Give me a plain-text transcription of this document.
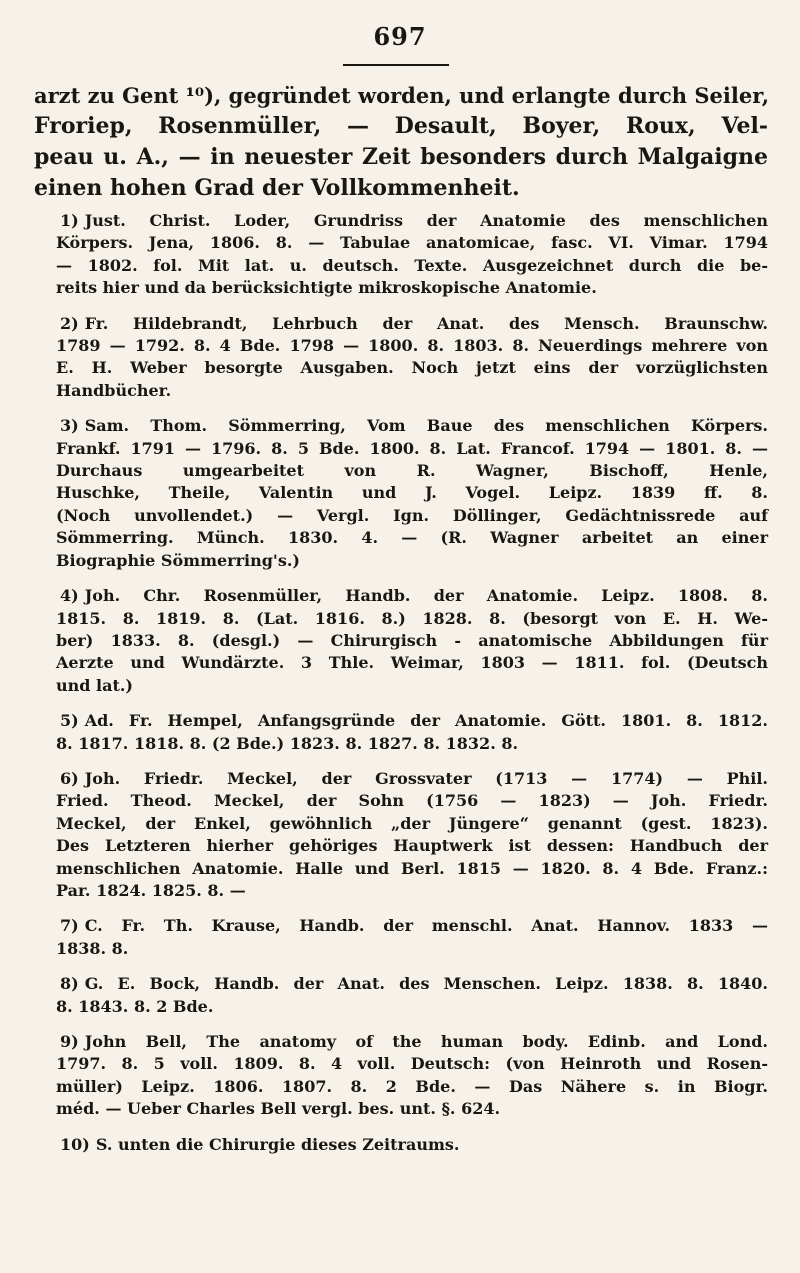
697
arzt zu Gent ¹⁰), gegründet worden, und erlangte durch Seiler,
Froriep, Rosenmüller, — Desault, Boyer, Roux, Vel-
peau u. A., — in neuester Zeit besonders durch Malgaigne
einen hohen Grad der Vollkommenheit.
1) Just. Christ. Loder, Grundriss der Anatomie des menschlichen
Körpers. Jena, 1806. 8. — Tabulae anatomicae, fasc. VI. Vimar. 1794
— 1802. fol. Mit lat. u. deutsch. Texte. Ausgezeichnet durch die be-
reits hier und da berücksichtigte mikroskopische Anatomie.
2) Fr. Hildebrandt, Lehrbuch der Anat. des Mensch. Braunschw.
1789 — 1792. 8. 4 Bde. 1798 — 1800. 8. 1803. 8. Neuerdings mehrere von
E. H. Weber besorgte Ausgaben. Noch jetzt eins der vorzüglichsten
Handbücher.
3) Sam. Thom. Sömmerring, Vom Baue des menschlichen Körpers.
Frankf. 1791 — 1796. 8. 5 Bde. 1800. 8. Lat. Francof. 1794 — 1801. 8. —
Durchaus umgearbeitet von R. Wagner, Bischoff, Henle,
Huschke, Theile, Valentin und J. Vogel. Leipz. 1839 ff. 8.
(Noch unvollendet.) — Vergl. Ign. Döllinger, Gedächtnissrede auf
Sömmerring. Münch. 1830. 4. — (R. Wagner arbeitet an einer
Biographie Sömmerring's.)
4) Joh. Chr. Rosenmüller, Handb. der Anatomie. Leipz. 1808. 8.
1815. 8. 1819. 8. (Lat. 1816. 8.) 1828. 8. (besorgt von E. H. We-
ber) 1833. 8. (desgl.) — Chirurgisch - anatomische Abbildungen für
Aerzte und Wundärzte. 3 Thle. Weimar, 1803 — 1811. fol. (Deutsch
und lat.)
5) Ad. Fr. Hempel, Anfangsgründe der Anatomie. Gött. 1801. 8. 1812.
8. 1817. 1818. 8. (2 Bde.) 1823. 8. 1827. 8. 1832. 8.
6) Joh. Friedr. Meckel, der Grossvater (1713 — 1774) — Phil.
Fried. Theod. Meckel, der Sohn (1756 — 1823) — Joh. Friedr.
Meckel, der Enkel, gewöhnlich „der Jüngere“ genannt (gest. 1823).
Des Letzteren hierher gehöriges Hauptwerk ist dessen: Handbuch der
menschlichen Anatomie. Halle und Berl. 1815 — 1820. 8. 4 Bde. Franz.:
Par. 1824. 1825. 8. —
7) C. Fr. Th. Krause, Handb. der menschl. Anat. Hannov. 1833 —
1838. 8.
8) G. E. Bock, Handb. der Anat. des Menschen. Leipz. 1838. 8. 1840.
8. 1843. 8. 2 Bde.
9) John Bell, The anatomy of the human body. Edinb. and Lond.
1797. 8. 5 voll. 1809. 8. 4 voll. Deutsch: (von Heinroth und Rosen-
müller) Leipz. 1806. 1807. 8. 2 Bde. — Das Nähere s. in Biogr.
méd. — Ueber Charles Bell vergl. bes. unt. §. 624.
10) S. unten die Chirurgie dieses Zeitraums.
